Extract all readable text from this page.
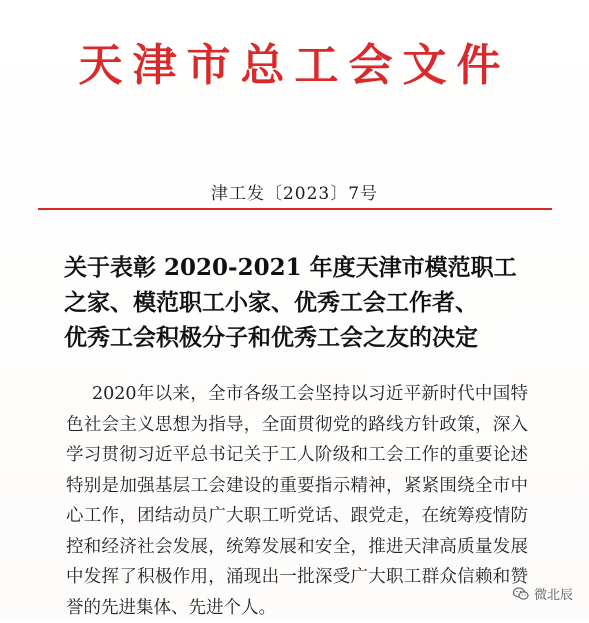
天津市总工会文件
津工发〔2023〕7号
关于表彰 2020-2021 年度天津市模范职工
之家、模范职工小家、优秀工会工作者、
优秀工会积极分子和优秀工会之友的决定
2020年以来，全市各级工会坚持以习近平新时代中国特色社会主义思想为指导，全面贯彻党的路线方针政策，深入学习贯彻习近平总书记关于工人阶级和工会工作的重要论述特别是加强基层工会建设的重要指示精神，紧紧围绕全市中心工作，团结动员广大职工听党话、跟党走，在统筹疫情防控和经济社会发展，统筹发展和安全，推进天津高质量发展中发挥了积极作用，涌现出一批深受广大职工群众信赖和赞誉的先进集体、先进个人。
微北辰
